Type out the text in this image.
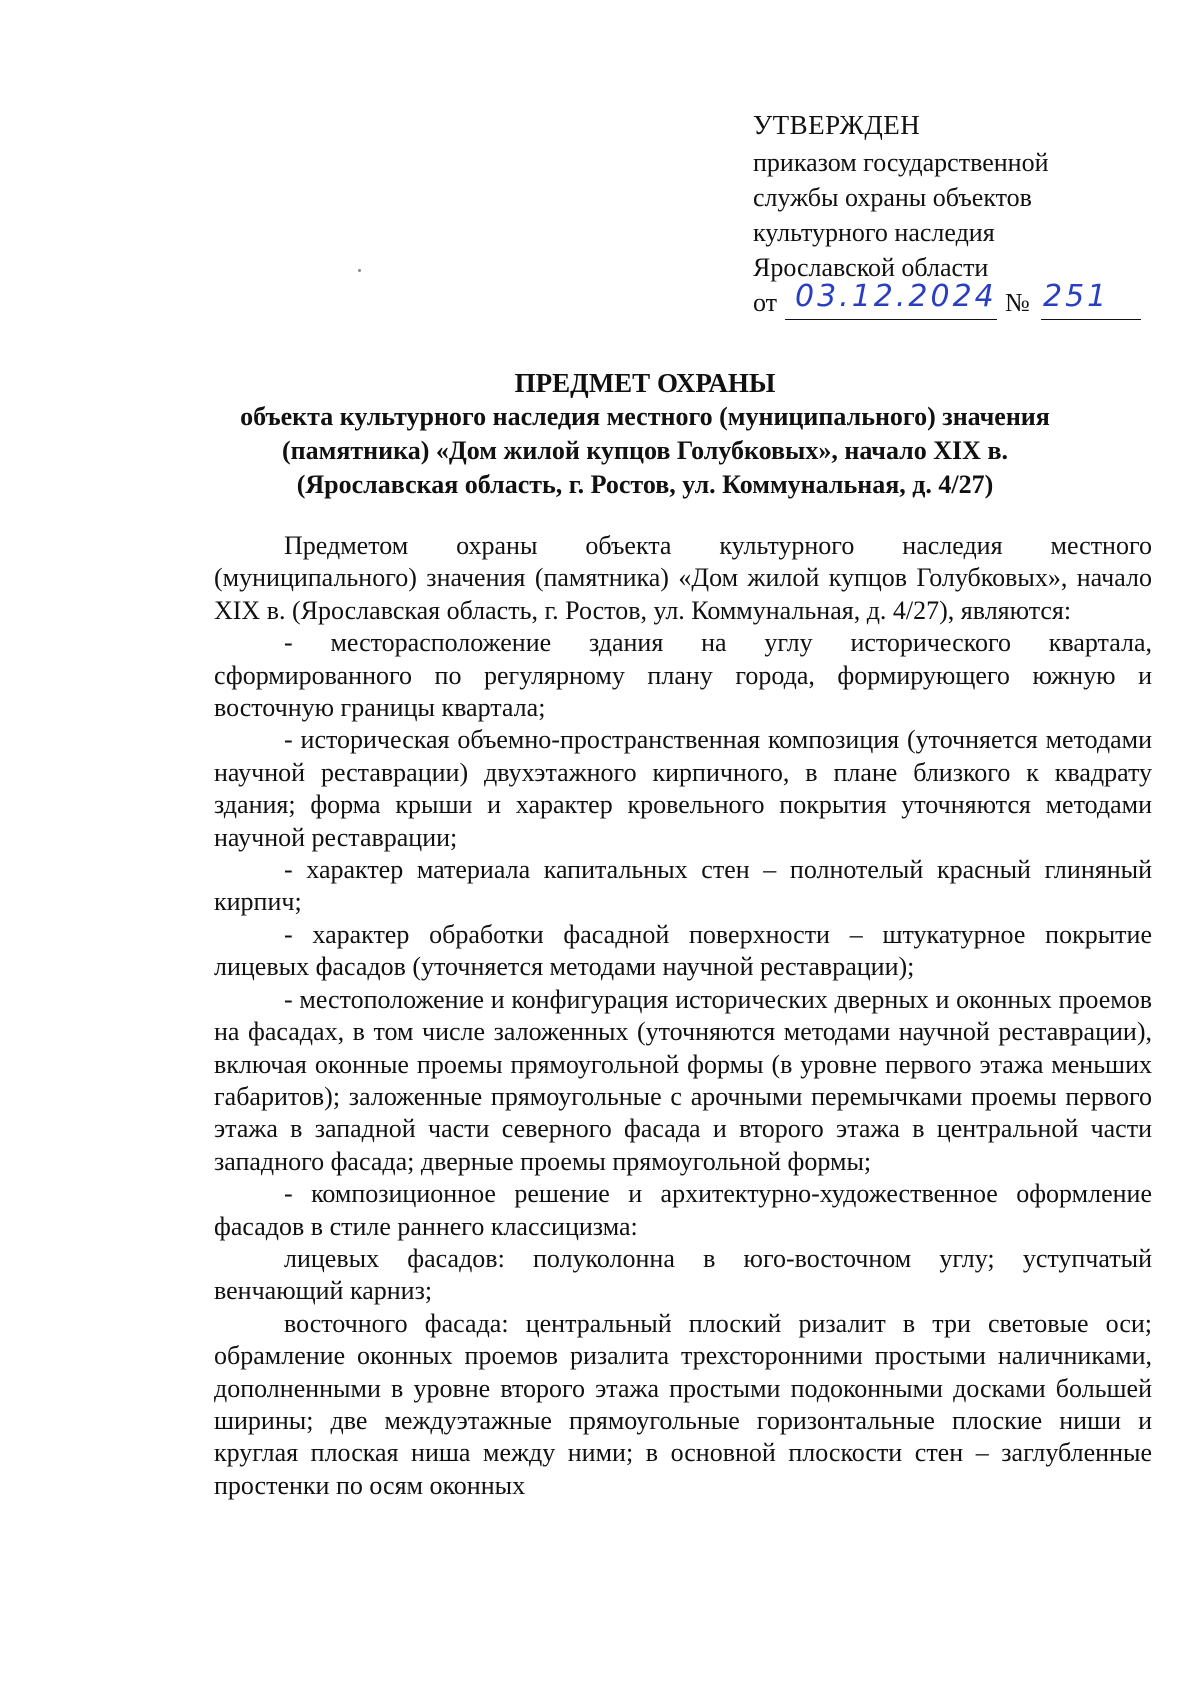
УТВЕРЖДЕН
приказом государственной
службы охраны объектов
культурного наследия
Ярославской области
от 03.12.2024 № 251
ПРЕДМЕТ ОХРАНЫ
объекта культурного наследия местного (муниципального) значения
(памятника) «Дом жилой купцов Голубковых», начало XIX в.
(Ярославская область, г. Ростов, ул. Коммунальная, д. 4/27)

Предметом охраны объекта культурного наследия местного (муниципального) значения (памятника) «Дом жилой купцов Голубковых», начало XIX в. (Ярославская область, г. Ростов, ул. Коммунальная, д. 4/27), являются:

- месторасположение здания на углу исторического квартала, сформированного по регулярному плану города, формирующего южную и восточную границы квартала;

- историческая объемно-пространственная композиция (уточняется методами научной реставрации) двухэтажного кирпичного, в плане близкого к квадрату здания; форма крыши и характер кровельного покрытия уточняются методами научной реставрации;

- характер материала капитальных стен – полнотелый красный глиняный кирпич;

- характер обработки фасадной поверхности – штукатурное покрытие лицевых фасадов (уточняется методами научной реставрации);

- местоположение и конфигурация исторических дверных и оконных проемов на фасадах, в том числе заложенных (уточняются методами научной реставрации), включая оконные проемы прямоугольной формы (в уровне первого этажа меньших габаритов); заложенные прямоугольные с арочными перемычками проемы первого этажа в западной части северного фасада и второго этажа в центральной части западного фасада; дверные проемы прямоугольной формы;

- композиционное решение и архитектурно-художественное оформление фасадов в стиле раннего классицизма:

лицевых фасадов: полуколонна в юго-восточном углу; уступчатый венчающий карниз;

восточного фасада: центральный плоский ризалит в три световые оси; обрамление оконных проемов ризалита трехсторонними простыми наличниками, дополненными в уровне второго этажа простыми подоконными досками большей ширины; две междуэтажные прямоугольные горизонтальные плоские ниши и круглая плоская ниша между ними; в основной плоскости стен – заглубленные простенки по осям оконных
